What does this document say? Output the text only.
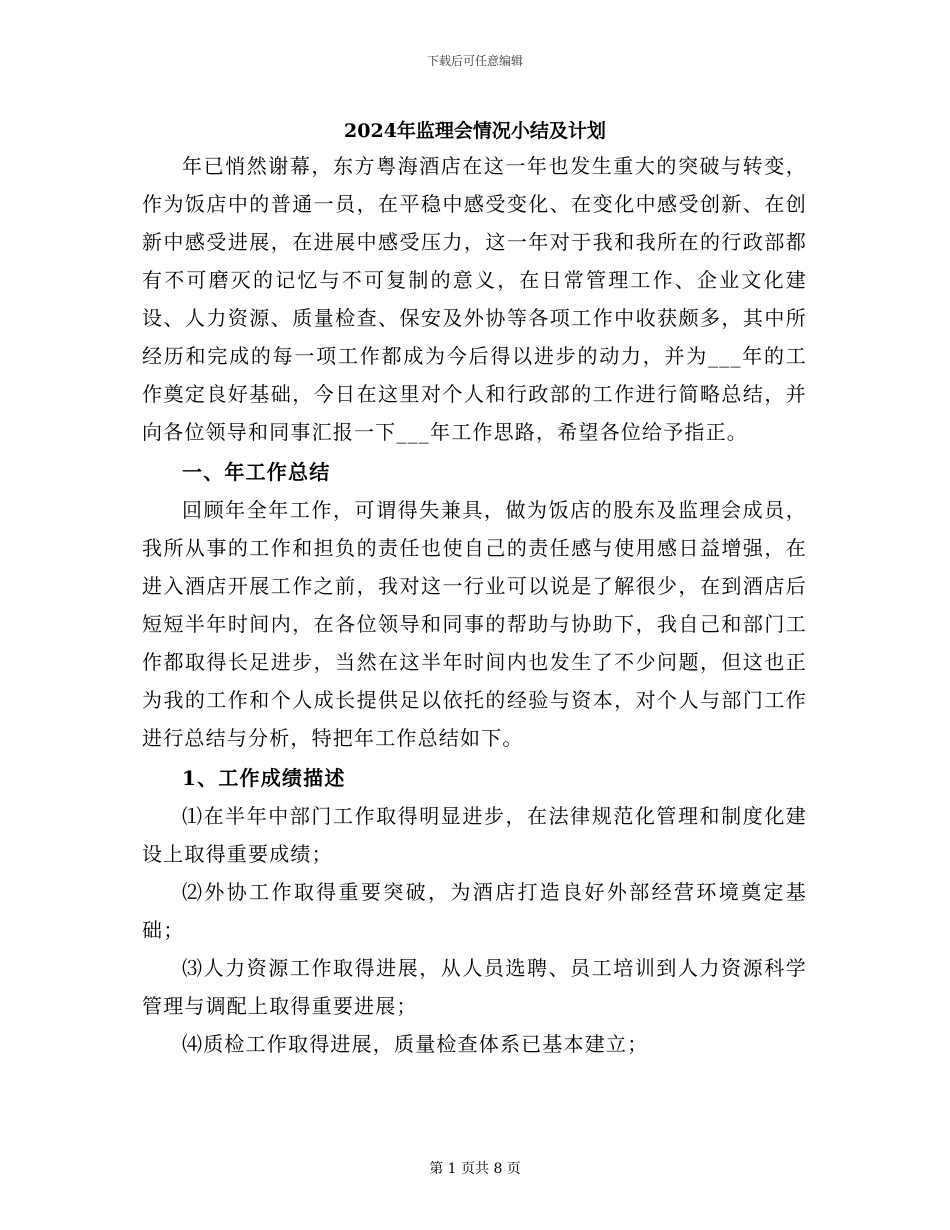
下载后可任意编辑
2024年监理会情况小结及计划

年已悄然谢幕，东方粤海酒店在这一年也发生重大的突破与转变，作为饭店中的普通一员，在平稳中感受变化、在变化中感受创新、在创新中感受进展，在进展中感受压力，这一年对于我和我所在的行政部都有不可磨灭的记忆与不可复制的意义，在日常管理工作、企业文化建设、人力资源、质量检查、保安及外协等各项工作中收获颇多，其中所经历和完成的每一项工作都成为今后得以进步的动力，并为___年的工作奠定良好基础，今日在这里对个人和行政部的工作进行简略总结，并向各位领导和同事汇报一下___年工作思路，希望各位给予指正。

一、年工作总结

回顾年全年工作，可谓得失兼具，做为饭店的股东及监理会成员，我所从事的工作和担负的责任也使自己的责任感与使用感日益增强，在进入酒店开展工作之前，我对这一行业可以说是了解很少，在到酒店后短短半年时间内，在各位领导和同事的帮助与协助下，我自己和部门工作都取得长足进步，当然在这半年时间内也发生了不少问题，但这也正为我的工作和个人成长提供足以依托的经验与资本，对个人与部门工作进行总结与分析，特把年工作总结如下。

1、工作成绩描述

⑴在半年中部门工作取得明显进步，在法律规范化管理和制度化建设上取得重要成绩；

⑵外协工作取得重要突破，为酒店打造良好外部经营环境奠定基础；

⑶人力资源工作取得进展，从人员选聘、员工培训到人力资源科学管理与调配上取得重要进展；

⑷质检工作取得进展，质量检查体系已基本建立；

第 1 页共 8 页
